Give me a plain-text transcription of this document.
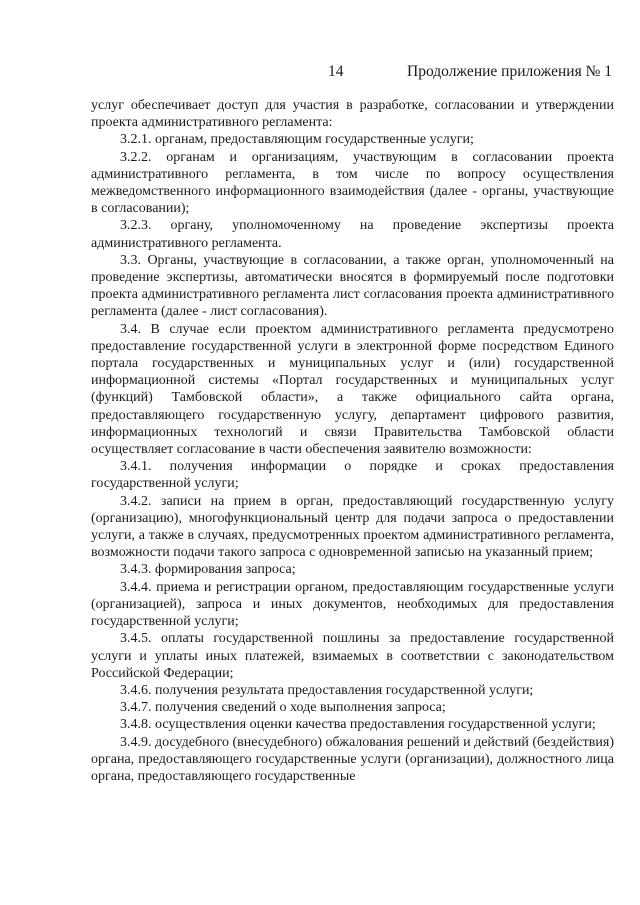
14	Продолжение приложения № 1

услуг обеспечивает доступ для участия в разработке, согласовании и утверждении проекта административного регламента:

3.2.1. органам, предоставляющим государственные услуги;

3.2.2. органам и организациям, участвующим в согласовании проекта административного регламента, в том числе по вопросу осуществления межведомственного информационного взаимодействия (далее - органы, участвующие в согласовании);

3.2.3. органу, уполномоченному на проведение экспертизы проекта административного регламента.

3.3. Органы, участвующие в согласовании, а также орган, уполномоченный на проведение экспертизы, автоматически вносятся в формируемый после подготовки проекта административного регламента лист согласования проекта административного регламента (далее - лист согласования).

3.4. В случае если проектом административного регламента предусмотрено предоставление государственной услуги в электронной форме посредством Единого портала государственных и муниципальных услуг и (или) государственной информационной системы «Портал государственных и муниципальных услуг (функций) Тамбовской области», а также официального сайта органа, предоставляющего государственную услугу, департамент цифрового развития, информационных технологий и связи Правительства Тамбовской области осуществляет согласование в части обеспечения заявителю возможности:

3.4.1. получения информации о порядке и сроках предоставления государственной услуги;

3.4.2. записи на прием в орган, предоставляющий государственную услугу (организацию), многофункциональный центр для подачи запроса о предоставлении услуги, а также в случаях, предусмотренных проектом административного регламента, возможности подачи такого запроса с одновременной записью на указанный прием;

3.4.3. формирования запроса;

3.4.4. приема и регистрации органом, предоставляющим государственные услуги (организацией), запроса и иных документов, необходимых для предоставления государственной услуги;

3.4.5. оплаты государственной пошлины за предоставление государственной услуги и уплаты иных платежей, взимаемых в соответствии с законодательством Российской Федерации;

3.4.6. получения результата предоставления государственной услуги;

3.4.7. получения сведений о ходе выполнения запроса;

3.4.8. осуществления оценки качества предоставления государственной услуги;

3.4.9. досудебного (внесудебного) обжалования решений и действий (бездействия) органа, предоставляющего государственные услуги (организации), должностного лица органа, предоставляющего государственные
